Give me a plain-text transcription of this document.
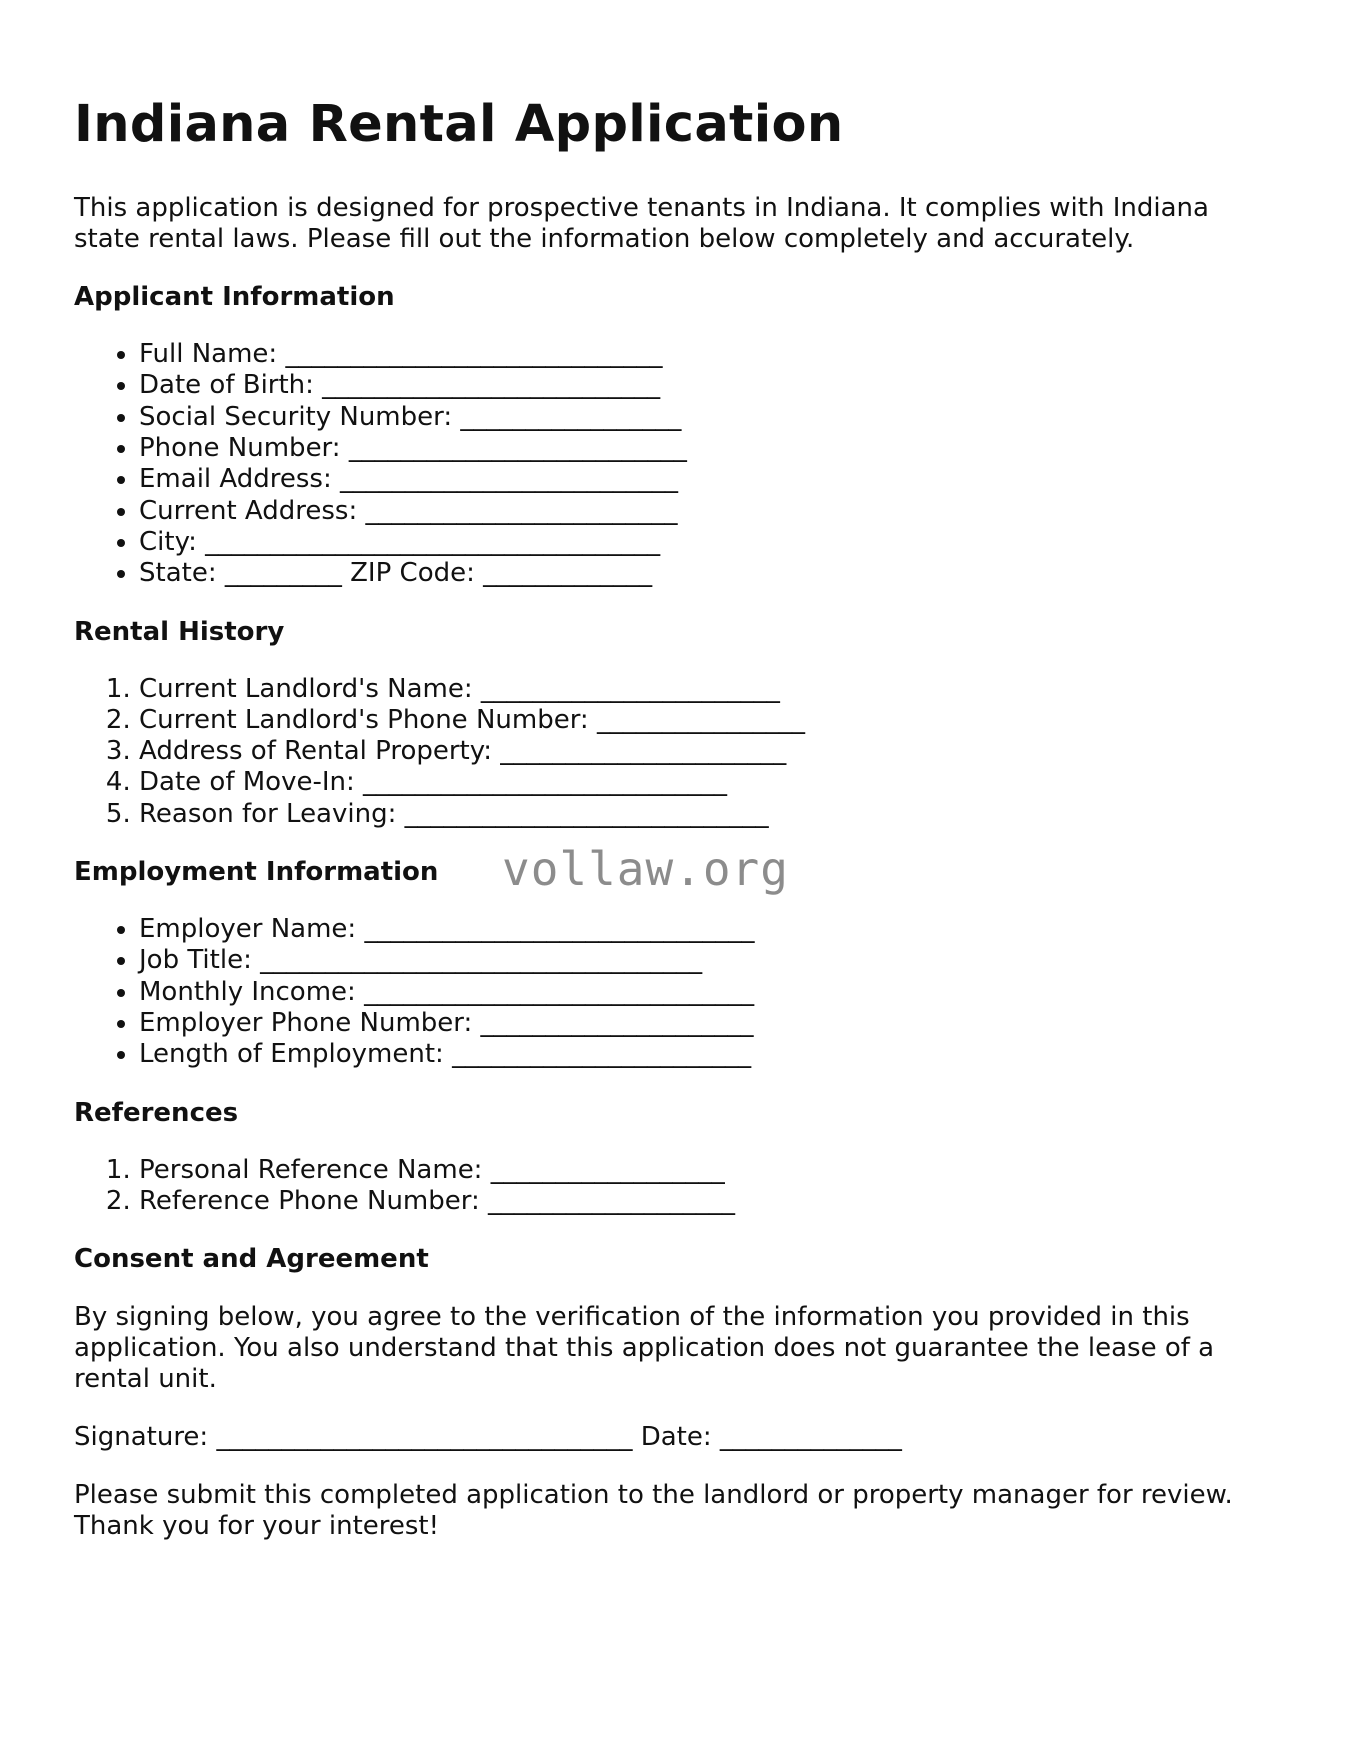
Indiana Rental Application

This application is designed for prospective tenants in Indiana. It complies with Indiana state rental laws. Please fill out the information below completely and accurately.

Applicant Information
• Full Name: _____________________________
• Date of Birth: __________________________
• Social Security Number: _________________
• Phone Number: __________________________
• Email Address: __________________________
• Current Address: ________________________
• City: ___________________________________
• State: _________ ZIP Code: _____________
Rental History
1. Current Landlord's Name: _______________________
2. Current Landlord's Phone Number: ________________
3. Address of Rental Property: ______________________
4. Date of Move-In: ____________________________
5. Reason for Leaving: ____________________________
Employment Information
• Employer Name: ______________________________
• Job Title: __________________________________
• Monthly Income: ______________________________
• Employer Phone Number: _____________________
• Length of Employment: _______________________
References
1. Personal Reference Name: __________________
2. Reference Phone Number: ___________________
Consent and Agreement

By signing below, you agree to the verification of the information you provided in this application. You also understand that this application does not guarantee the lease of a rental unit.

Signature: ________________________________ Date: ______________

Please submit this completed application to the landlord or property manager for review. Thank you for your interest!

vollaw.org
